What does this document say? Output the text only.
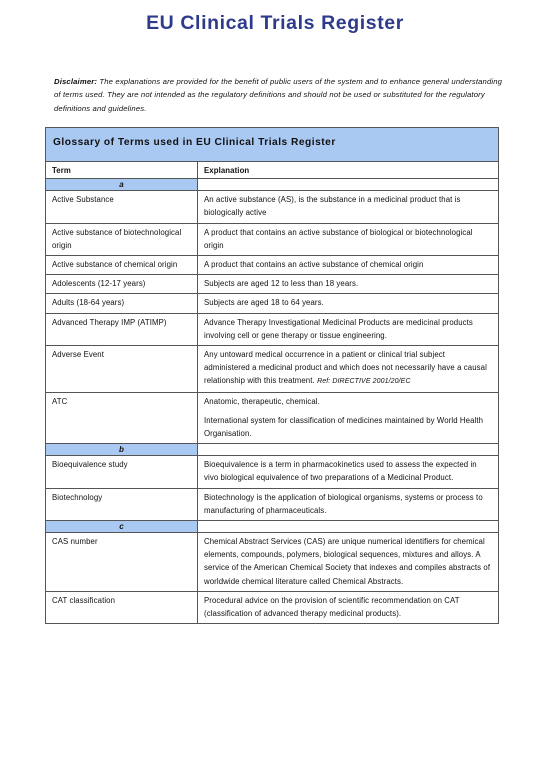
EU Clinical Trials Register
Disclaimer: The explanations are provided for the benefit of public users of the system and to enhance general understanding of terms used. They are not intended as the regulatory definitions and should not be used or substituted for the regulatory definitions and guidelines.
Glossary of Terms used in EU Clinical Trials Register
Term	Explanation
a	
Active Substance	An active substance (AS), is the substance in a medicinal product that is biologically active
Active substance of biotechnological origin	A product that contains an active substance of biological or biotechnological origin
Active substance of chemical origin	A product that contains an active substance of chemical origin
Adolescents (12-17 years)	Subjects are aged 12 to less than 18 years.
Adults (18-64 years)	Subjects are aged 18 to 64 years.
Advanced Therapy IMP (ATIMP)	Advance Therapy Investigational Medicinal Products are medicinal products involving cell or gene therapy or tissue engineering.
Adverse Event	Any untoward medical occurrence in a patient or clinical trial subject administered a medicinal product and which does not necessarily have a causal relationship with this treatment. Ref: DIRECTIVE 2001/20/EC
ATC	Anatomic, therapeutic, chemical.
International system for classification of medicines maintained by World Health Organisation.

b	
Bioequivalence study	Bioequivalence is a term in pharmacokinetics used to assess the expected in vivo biological equivalence of two preparations of a Medicinal Product.
Biotechnology	Biotechnology is the application of biological organisms, systems or process to manufacturing of pharmaceuticals.
c	
CAS number	Chemical Abstract Services (CAS) are unique numerical identifiers for chemical elements, compounds, polymers, biological sequences, mixtures and alloys. A service of the American Chemical Society that indexes and compiles abstracts of worldwide chemical literature called Chemical Abstracts.
CAT classification	Procedural advice on the provision of scientific recommendation on CAT (classification of advanced therapy medicinal products).
